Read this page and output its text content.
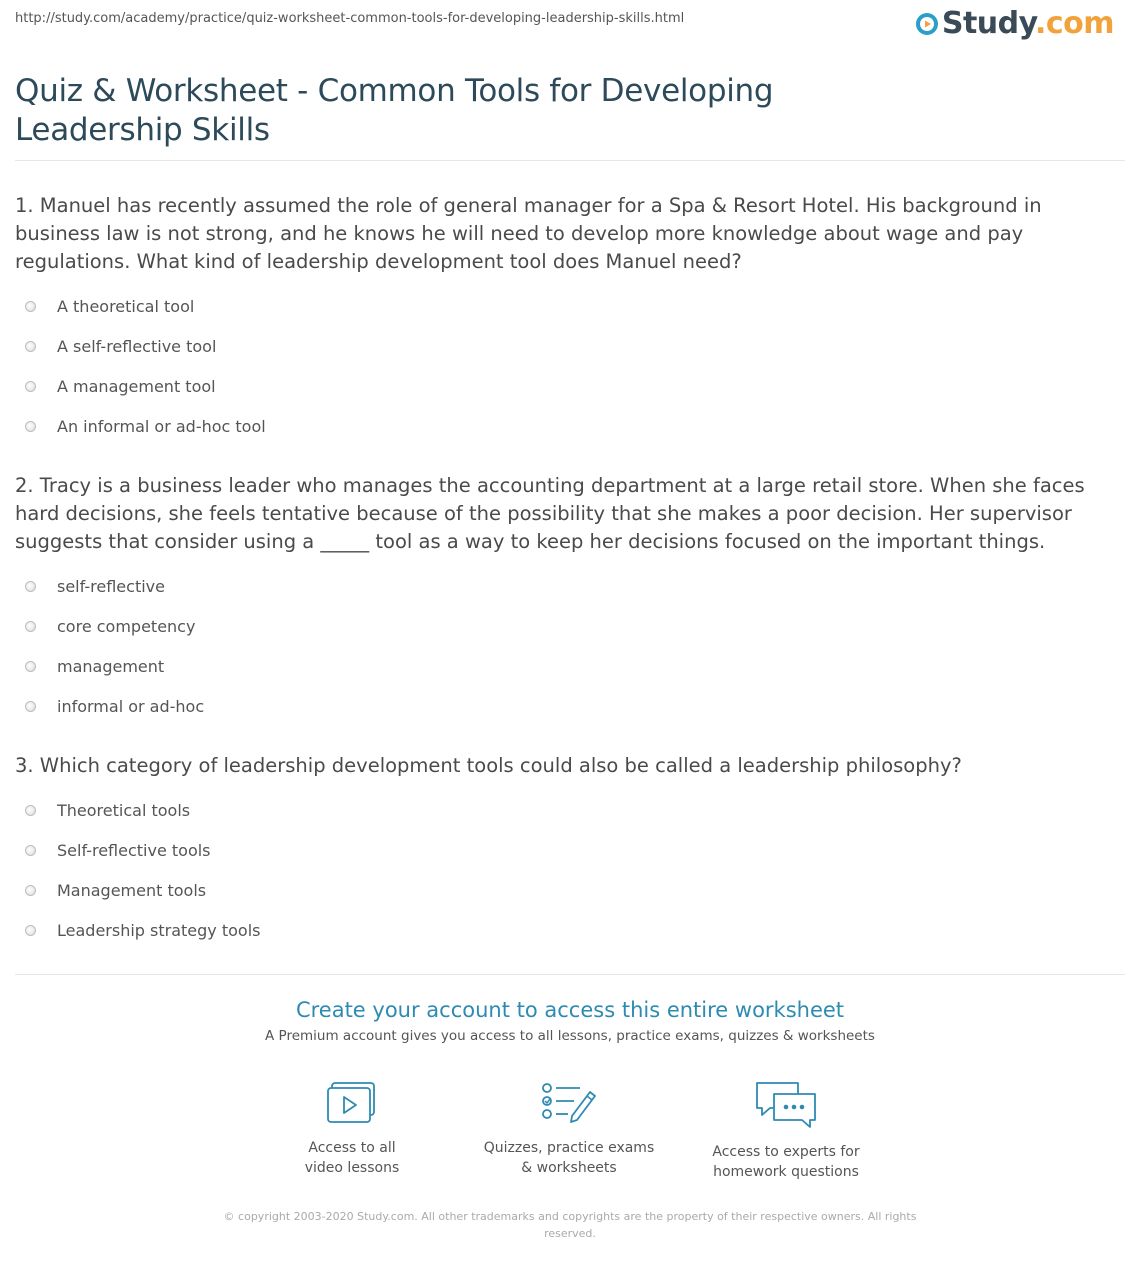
http://study.com/academy/practice/quiz-worksheet-common-tools-for-developing-leadership-skills.html	Study.com
Quiz & Worksheet - Common Tools for Developing Leadership Skills

1. Manuel has recently assumed the role of general manager for a Spa & Resort Hotel. His background in business law is not strong, and he knows he will need to develop more knowledge about wage and pay regulations. What kind of leadership development tool does Manuel need?

A theoretical tool
A self-reflective tool
A management tool
An informal or ad-hoc tool

2. Tracy is a business leader who manages the accounting department at a large retail store. When she faces hard decisions, she feels tentative because of the possibility that she makes a poor decision. Her supervisor suggests that consider using a _____ tool as a way to keep her decisions focused on the important things.

self-reflective
core competency
management
informal or ad-hoc

3. Which category of leadership development tools could also be called a leadership philosophy?

Theoretical tools
Self-reflective tools
Management tools
Leadership strategy tools
Create your account to access this entire worksheet
A Premium account gives you access to all lessons, practice exams, quizzes & worksheets
Access to all
video lessons
Quizzes, practice exams
& worksheets
Access to experts for
homework questions
© copyright 2003-2020 Study.com. All other trademarks and copyrights are the property of their respective owners. All rights reserved.
